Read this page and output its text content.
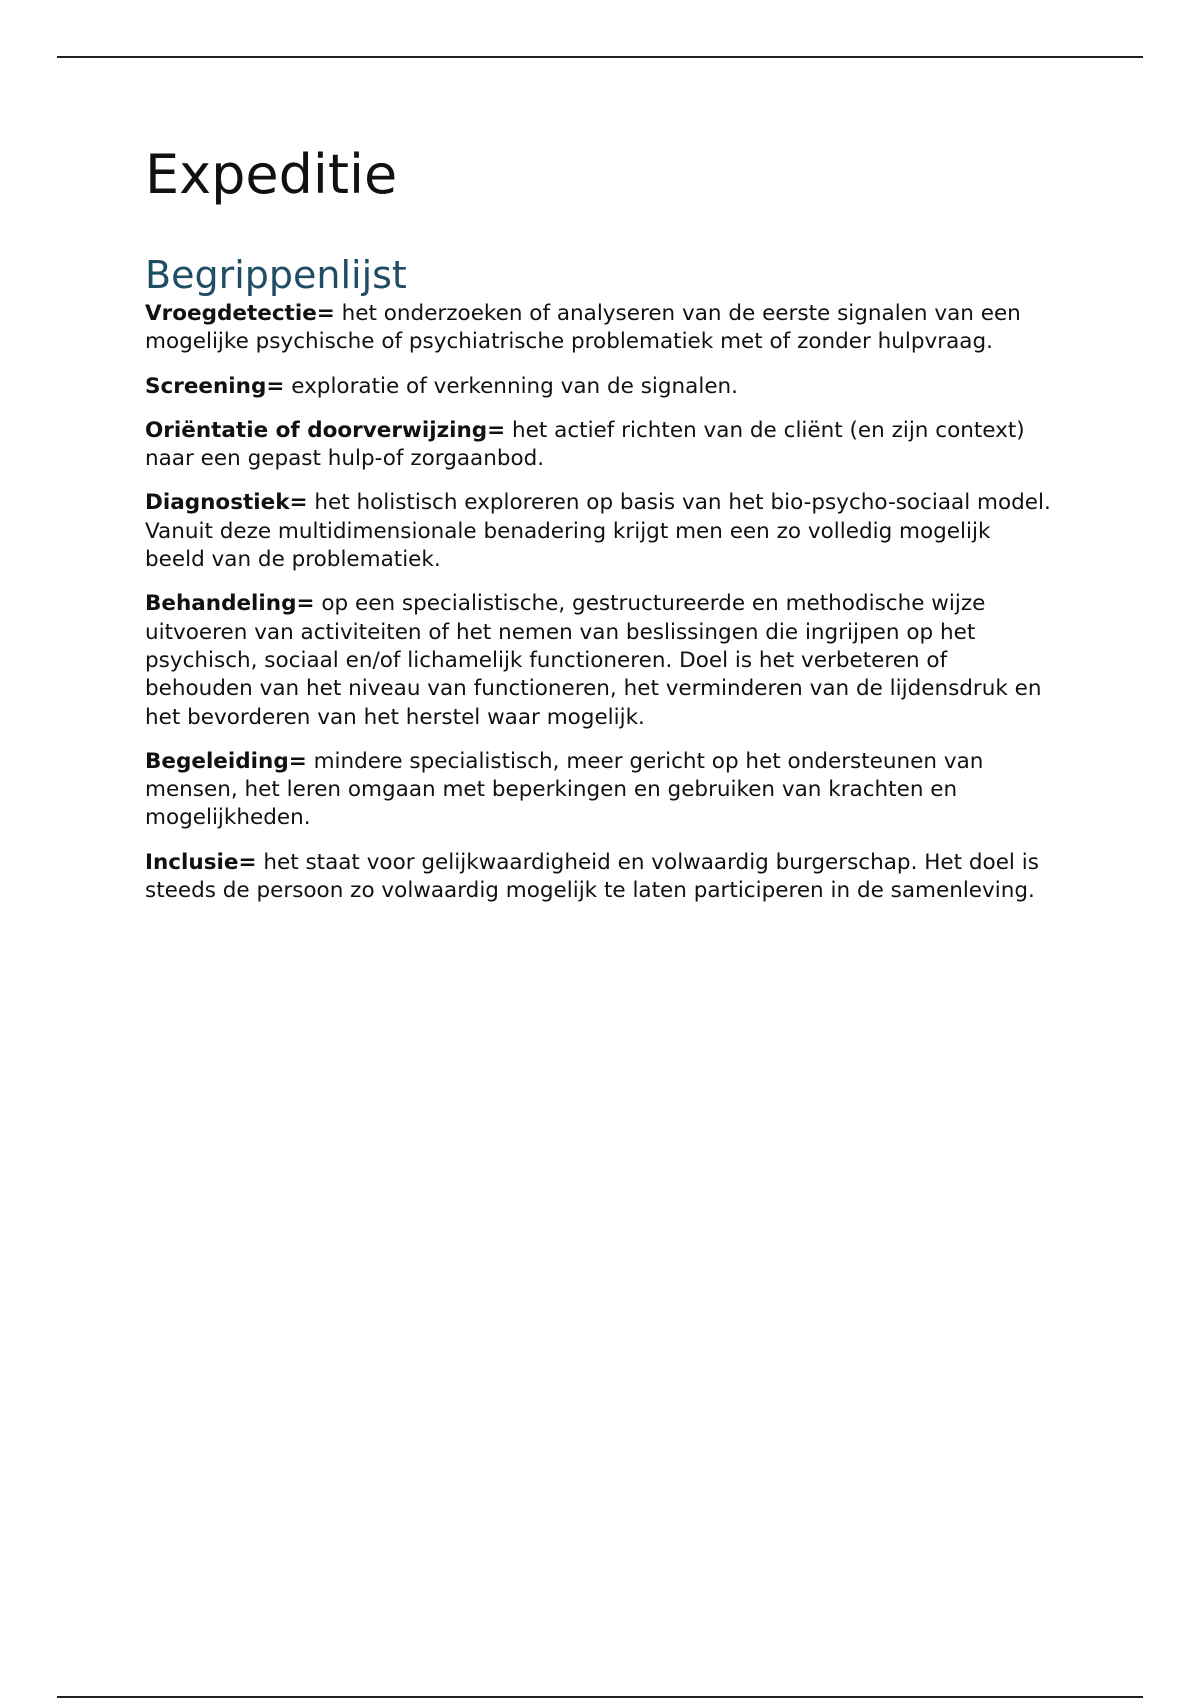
Expeditie
Begrippenlijst

Vroegdetectie= het onderzoeken of analyseren van de eerste signalen van een mogelijke psychische of psychiatrische problematiek met of zonder hulpvraag.

Screening= exploratie of verkenning van de signalen.

Oriëntatie of doorverwijzing= het actief richten van de cliënt (en zijn context) naar een gepast hulp-of zorgaanbod.

Diagnostiek= het holistisch exploreren op basis van het bio-psycho-sociaal model. Vanuit deze multidimensionale benadering krijgt men een zo volledig mogelijk beeld van de problematiek.

Behandeling= op een specialistische, gestructureerde en methodische wijze uitvoeren van activiteiten of het nemen van beslissingen die ingrijpen op het psychisch, sociaal en/of lichamelijk functioneren. Doel is het verbeteren of behouden van het niveau van functioneren, het verminderen van de lijdensdruk en het bevorderen van het herstel waar mogelijk.

Begeleiding= mindere specialistisch, meer gericht op het ondersteunen van mensen, het leren omgaan met beperkingen en gebruiken van krachten en mogelijkheden.

Inclusie= het staat voor gelijkwaardigheid en volwaardig burgerschap. Het doel is steeds de persoon zo volwaardig mogelijk te laten participeren in de samenleving.
